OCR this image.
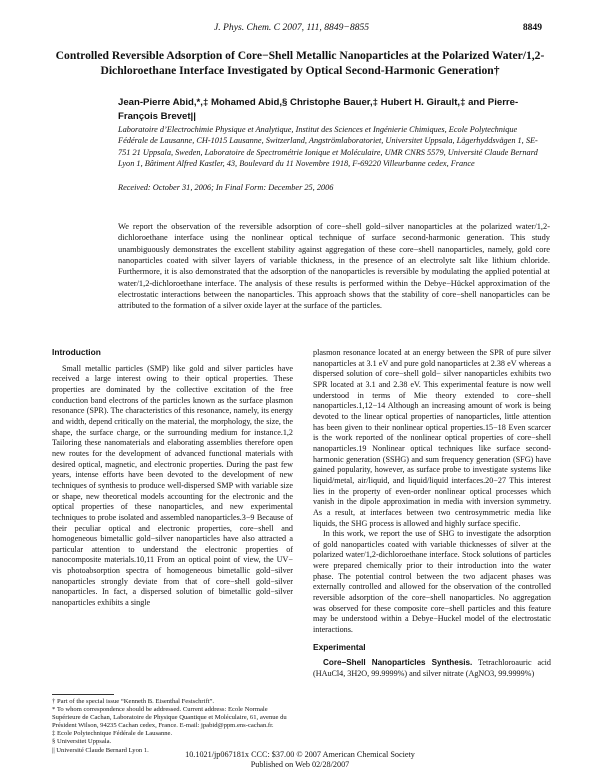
J. Phys. Chem. C 2007, 111, 8849−8855	8849
Controlled Reversible Adsorption of Core−Shell Metallic Nanoparticles at the Polarized Water/1,2-Dichloroethane Interface Investigated by Optical Second-Harmonic Generation†
Jean-Pierre Abid,*,‡ Mohamed Abid,§ Christophe Bauer,‡ Hubert H. Girault,‡ and Pierre-François Brevet||
Laboratoire d’Electrochimie Physique et Analytique, Institut des Sciences et Ingénierie Chimiques, Ecole Polytechnique Fédérale de Lausanne, CH-1015 Lausanne, Switzerland, Angströmlaboratoriet, Universitet Uppsala, Lägerhyddsvägen 1, SE-751 21 Uppsala, Sweden, Laboratoire de Spectrométrie Ionique et Moléculaire, UMR CNRS 5579, Université Claude Bernard Lyon 1, Bâtiment Alfred Kastler, 43, Boulevard du 11 Novembre 1918, F-69220 Villeurbanne cedex, France
Received: October 31, 2006; In Final Form: December 25, 2006
We report the observation of the reversible adsorption of core−shell gold−silver nanoparticles at the polarized water/1,2-dichloroethane interface using the nonlinear optical technique of surface second-harmonic generation. This study unambiguously demonstrates the excellent stability against aggregation of these core−shell nanoparticles, namely, gold core nanoparticles coated with silver layers of variable thickness, in the presence of an electrolyte salt like lithium chloride. Furthermore, it is also demonstrated that the adsorption of the nanoparticles is reversible by modulating the applied potential at water/1,2-dichloroethane interface. The analysis of these results is performed within the Debye−Hückel approximation of the electrostatic interactions between the nanoparticles. This approach shows that the stability of core−shell nanoparticles can be attributed to the formation of a silver oxide layer at the surface of the particles.
Introduction

Small metallic particles (SMP) like gold and silver particles have received a large interest owing to their optical properties. These properties are dominated by the collective excitation of the free conduction band electrons of the particles known as the surface plasmon resonance (SPR). The characteristics of this resonance, namely, its energy and width, depend critically on the material, the morphology, the size, the shape, the surface charge, or the surrounding medium for instance.1,2 Tailoring these nanomaterials and elaborating assemblies therefore open new routes for the development of advanced functional materials with desired optical, magnetic, and electronic properties. During the past few years, intense efforts have been devoted to the development of new techniques of synthesis to produce well-dispersed SMP with variable size or shape, new theoretical models accounting for the electronic and the optical properties of these nanoparticles, and new experimental techniques to probe isolated and assembled nanoparticles.3−9 Because of their peculiar optical and electronic properties, core−shell and homogeneous bimetallic gold−silver nanoparticles have also attracted a particular attention to understand the electronic properties of nanocomposite materials.10,11 From an optical point of view, the UV− vis photoabsorption spectra of homogeneous bimetallic gold−silver nanoparticles strongly deviate from that of core−shell gold−silver nanoparticles. In fact, a dispersed solution of bimetallic gold−silver nanoparticles exhibits a single

plasmon resonance located at an energy between the SPR of pure silver nanoparticles at 3.1 eV and pure gold nanoparticles at 2.38 eV whereas a dispersed solution of core−shell gold− silver nanoparticles exhibits two SPR located at 3.1 and 2.38 eV. This experimental feature is now well understood in terms of Mie theory extended to core−shell nanoparticles.1,12−14 Although an increasing amount of work is being devoted to the linear optical properties of nanoparticles, little attention has been given to their nonlinear optical properties.15−18 Even scarcer is the work reported of the nonlinear optical properties of core−shell nanoparticles.19 Nonlinear optical techniques like surface second-harmonic generation (SSHG) and sum frequency generation (SFG) have gained popularity, however, as surface probe to investigate systems like liquid/metal, air/liquid, and liquid/liquid interfaces.20−27 This interest lies in the property of even-order nonlinear optical processes which vanish in the dipole approximation in media with inversion symmetry. As a result, at interfaces between two centrosymmetric media like liquids, the SHG process is allowed and highly surface specific.

In this work, we report the use of SHG to investigate the adsorption of gold nanoparticles coated with variable thicknesses of silver at the polarized water/1,2-dichloroethane interface. Stock solutions of particles were prepared chemically prior to their introduction into the water phase. The potential control between the two adjacent phases was externally controlled and allowed for the observation of the controlled reversible adsorption of the core−shell nanoparticles. No aggregation was observed for these composite core−shell particles and this feature may be understood within a Debye−Huckel model of the electrostatic interactions.

Experimental

Core−Shell Nanoparticles Synthesis. Tetrachloroauric acid (HAuCl4, 3H2O, 99.9999%) and silver nitrate (AgNO3, 99.9999%)

† Part of the special issue “Kenneth B. Eisenthal Festschrift”.
* To whom correspondence should be addressed. Current address: Ecole Normale Supérieure de Cachan, Laboratoire de Physique Quantique et Moléculaire, 61, avenue du Président Wilson, 94235 Cachan cedex, France. E-mail: jpabid@ppm.ens-cachan.fr.
‡ Ecole Polytechnique Fédérale de Lausanne.
§ Universitet Uppsala.
|| Université Claude Bernard Lyon 1.	10.1021/jp067181x CCC: $37.00 © 2007 American Chemical Society
Published on Web 02/28/2007
